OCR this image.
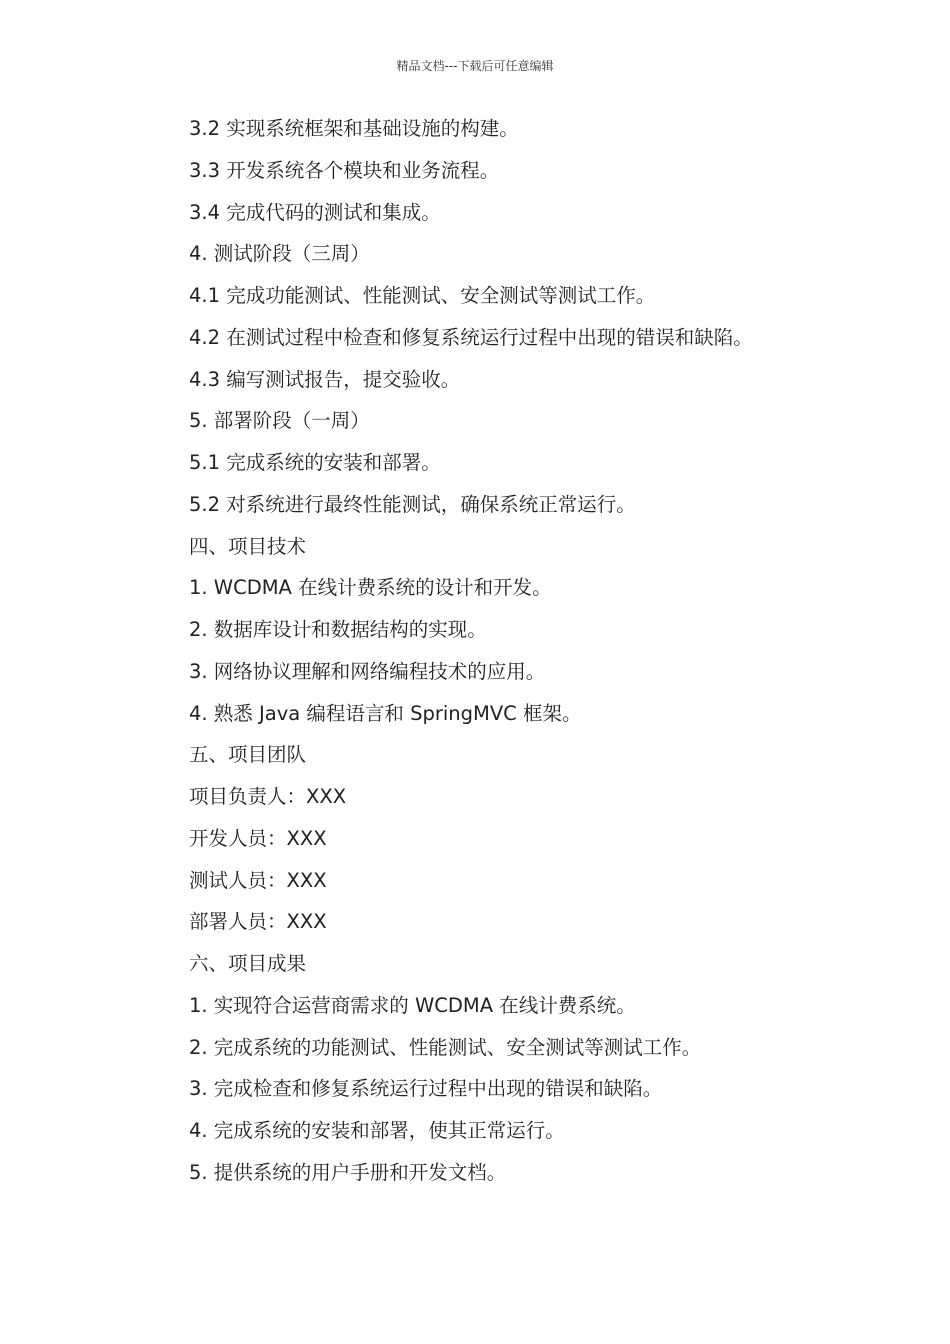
精品文档---下载后可任意编辑
3.2 实现系统框架和基础设施的构建。
3.3 开发系统各个模块和业务流程。
3.4 完成代码的测试和集成。
4. 测试阶段（三周）
4.1 完成功能测试、性能测试、安全测试等测试工作。
4.2 在测试过程中检查和修复系统运行过程中出现的错误和缺陷。
4.3 编写测试报告，提交验收。
5. 部署阶段（一周）
5.1 完成系统的安装和部署。
5.2 对系统进行最终性能测试，确保系统正常运行。
四、项目技术
1. WCDMA 在线计费系统的设计和开发。
2. 数据库设计和数据结构的实现。
3. 网络协议理解和网络编程技术的应用。
4. 熟悉 Java 编程语言和 SpringMVC 框架。
五、项目团队
项目负责人：XXX
开发人员：XXX
测试人员：XXX
部署人员：XXX
六、项目成果
1. 实现符合运营商需求的 WCDMA 在线计费系统。
2. 完成系统的功能测试、性能测试、安全测试等测试工作。
3. 完成检查和修复系统运行过程中出现的错误和缺陷。
4. 完成系统的安装和部署，使其正常运行。
5. 提供系统的用户手册和开发文档。
